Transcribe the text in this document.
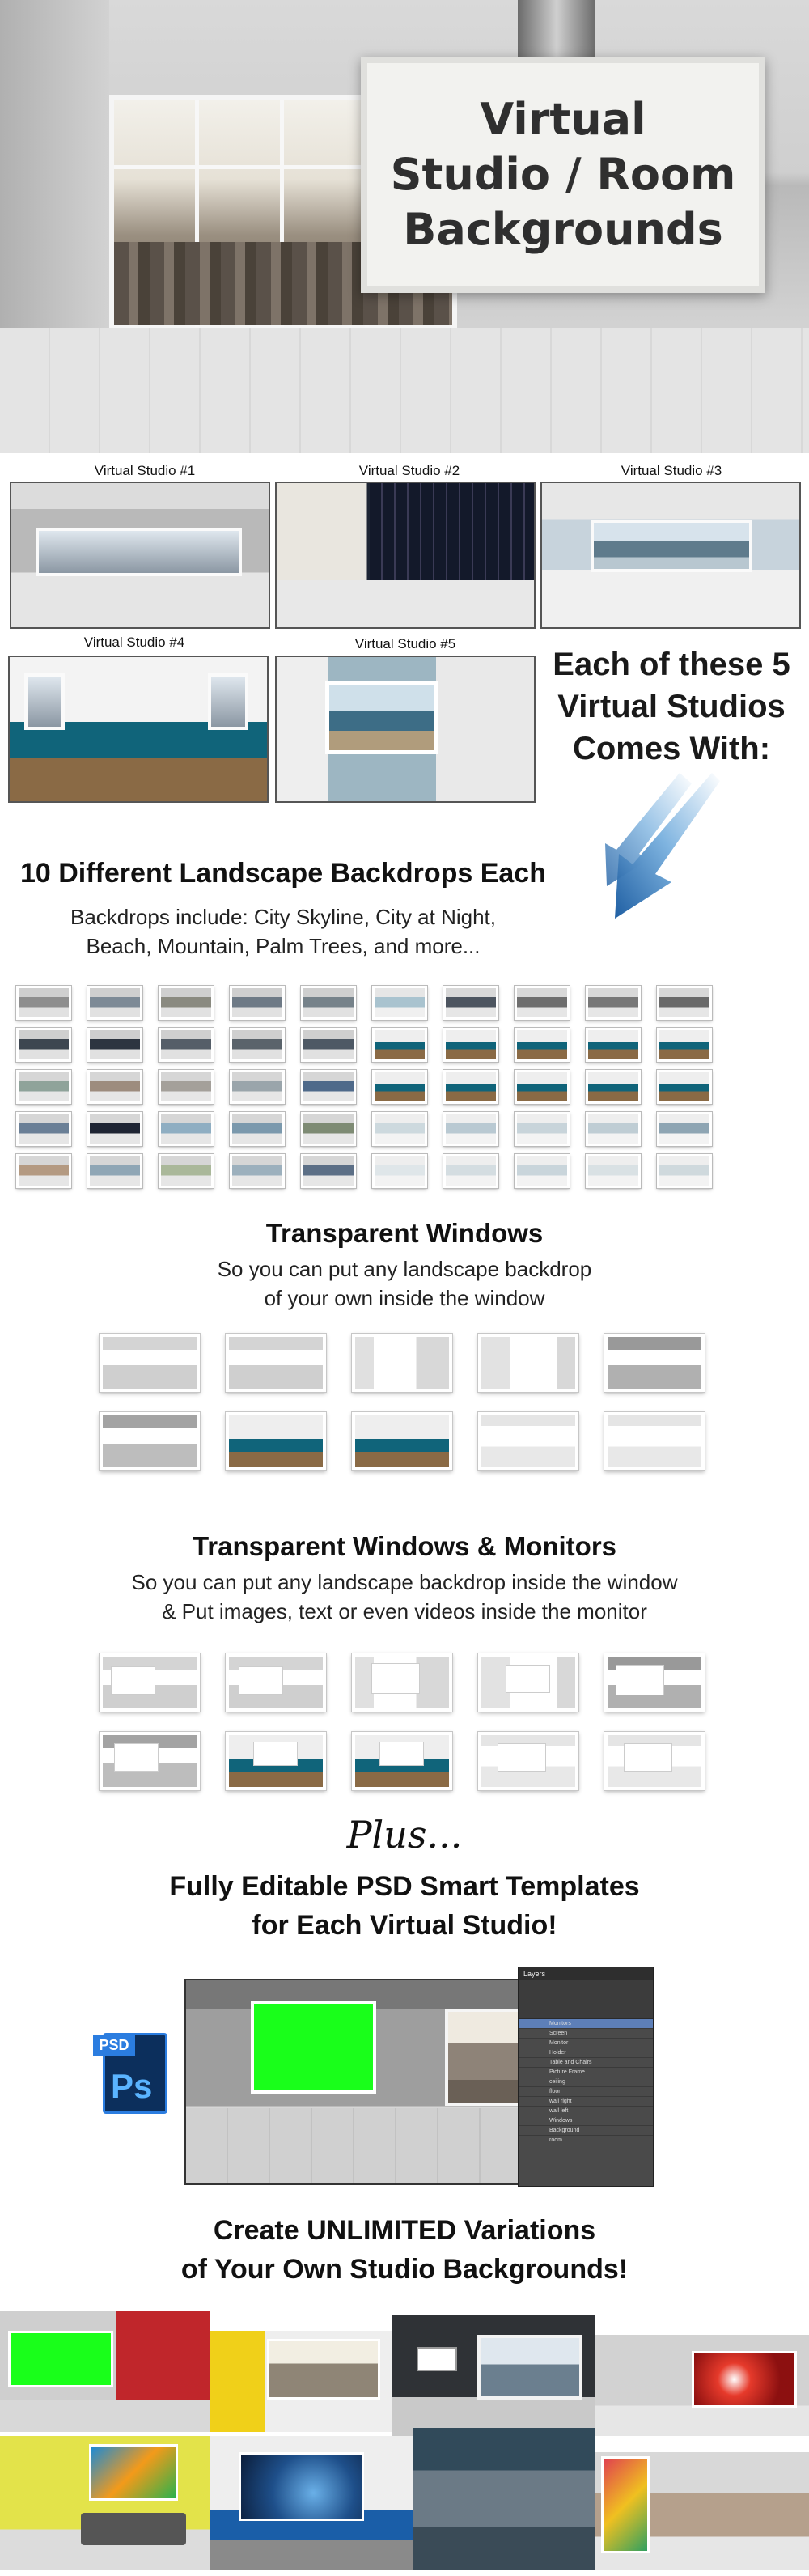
Virtual
Studio / Room
Backgrounds
Virtual Studio #1	Virtual Studio #2	Virtual Studio #3
Virtual Studio #4	Virtual Studio #5
Each of these 5
Virtual Studios
Comes With:
10 Different Landscape Backdrops Each
Backdrops include: City Skyline, City at Night,
Beach, Mountain, Palm Trees, and more...
Transparent Windows
So you can put any landscape backdrop
of your own inside the window
Transparent Windows & Monitors
So you can put any landscape backdrop inside the window
& Put images, text or even videos inside the monitor
Plus...
Fully Editable PSD Smart Templates
for Each Virtual Studio!
PSD
Ps
Layers
Monitors
Screen
Monitor
Holder
Table and Chairs
Picture Frame
ceiling
floor
wall right
wall left
Windows
Background
room
Create UNLIMITED Variations
of Your Own Studio Backgrounds!
